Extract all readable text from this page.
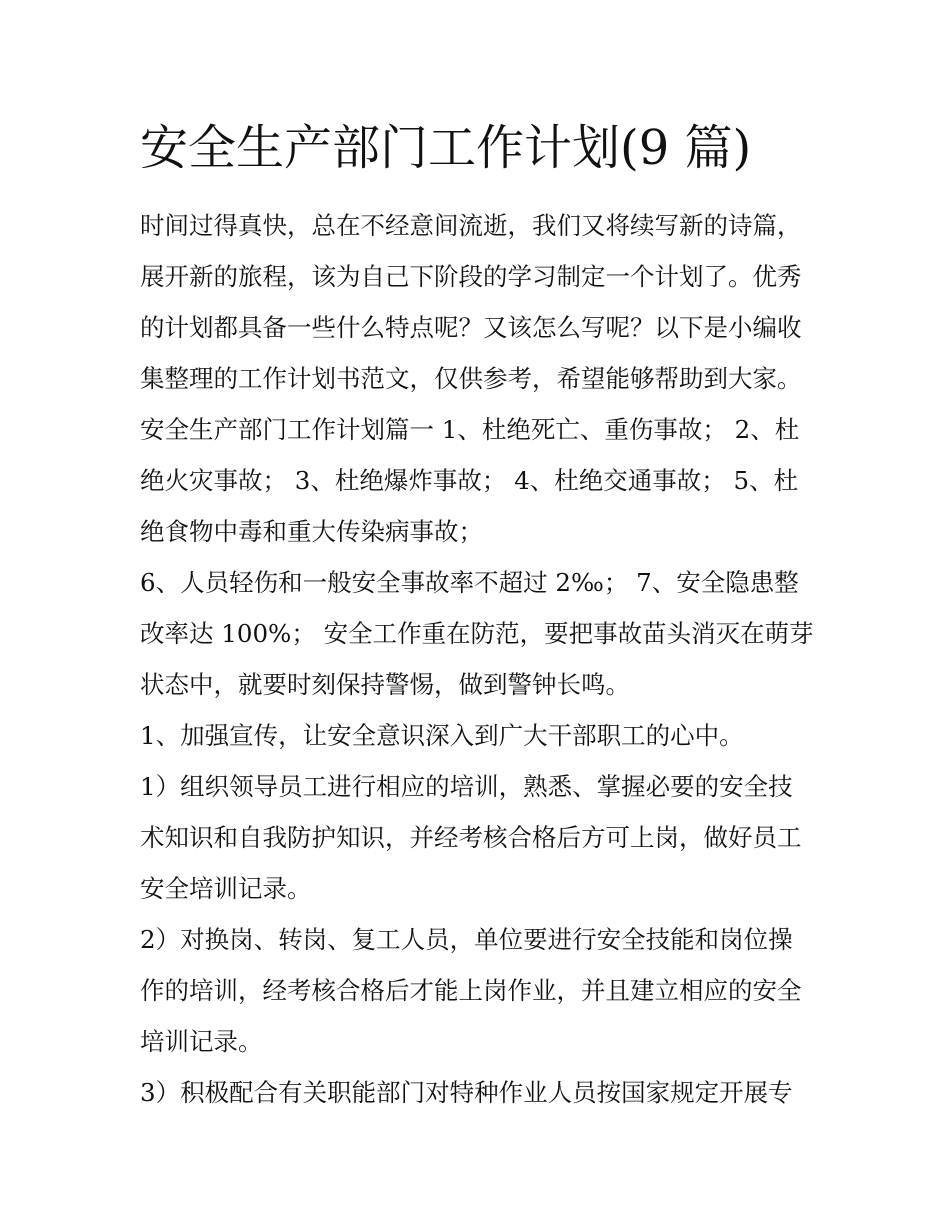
安全生产部门工作计划(9 篇)
时间过得真快，总在不经意间流逝，我们又将续写新的诗篇，
展开新的旅程，该为自己下阶段的学习制定一个计划了。优秀
的计划都具备一些什么特点呢？又该怎么写呢？以下是小编收
集整理的工作计划书范文，仅供参考，希望能够帮助到大家。
安全生产部门工作计划篇一 1、杜绝死亡、重伤事故； 2、杜
绝火灾事故； 3、杜绝爆炸事故； 4、杜绝交通事故； 5、杜
绝食物中毒和重大传染病事故；
6、人员轻伤和一般安全事故率不超过 2‰； 7、安全隐患整
改率达 100%； 安全工作重在防范，要把事故苗头消灭在萌芽
状态中，就要时刻保持警惕，做到警钟长鸣。
1、加强宣传，让安全意识深入到广大干部职工的心中。
1）组织领导员工进行相应的培训，熟悉、掌握必要的安全技
术知识和自我防护知识，并经考核合格后方可上岗，做好员工
安全培训记录。
2）对换岗、转岗、复工人员，单位要进行安全技能和岗位操
作的培训，经考核合格后才能上岗作业，并且建立相应的安全
培训记录。
3）积极配合有关职能部门对特种作业人员按国家规定开展专
